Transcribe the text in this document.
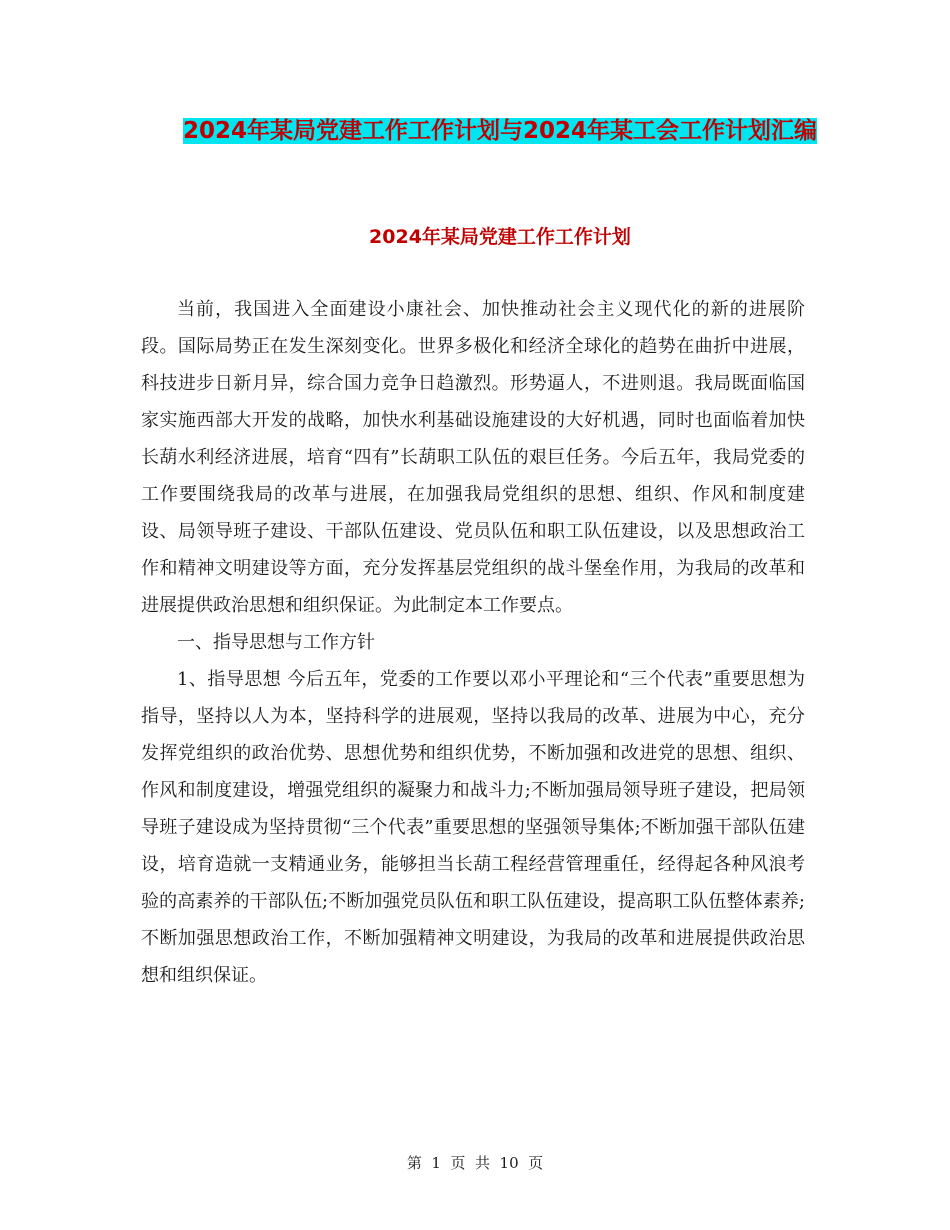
2024年某局党建工作工作计划与2024年某工会工作计划汇编
2024年某局党建工作工作计划

当前，我国进入全面建设小康社会、加快推动社会主义现代化的新的进展阶段。国际局势正在发生深刻变化。世界多极化和经济全球化的趋势在曲折中进展，科技进步日新月异，综合国力竞争日趋激烈。形势逼人，不进则退。我局既面临国家实施西部大开发的战略，加快水利基础设施建设的大好机遇，同时也面临着加快长葫水利经济进展，培育“四有”长葫职工队伍的艰巨任务。今后五年，我局党委的工作要围绕我局的改革与进展，在加强我局党组织的思想、组织、作风和制度建设、局领导班子建设、干部队伍建设、党员队伍和职工队伍建设，以及思想政治工作和精神文明建设等方面，充分发挥基层党组织的战斗堡垒作用，为我局的改革和进展提供政治思想和组织保证。为此制定本工作要点。

一、指导思想与工作方针

1、指导思想 今后五年，党委的工作要以邓小平理论和“三个代表”重要思想为指导，坚持以人为本，坚持科学的进展观，坚持以我局的改革、进展为中心，充分发挥党组织的政治优势、思想优势和组织优势，不断加强和改进党的思想、组织、作风和制度建设，增强党组织的凝聚力和战斗力;不断加强局领导班子建设，把局领导班子建设成为坚持贯彻“三个代表”重要思想的坚强领导集体;不断加强干部队伍建设，培育造就一支精通业务，能够担当长葫工程经营管理重任，经得起各种风浪考验的高素养的干部队伍;不断加强党员队伍和职工队伍建设，提高职工队伍整体素养;不断加强思想政治工作，不断加强精神文明建设，为我局的改革和进展提供政治思想和组织保证。

第  1  页  共  10  页
